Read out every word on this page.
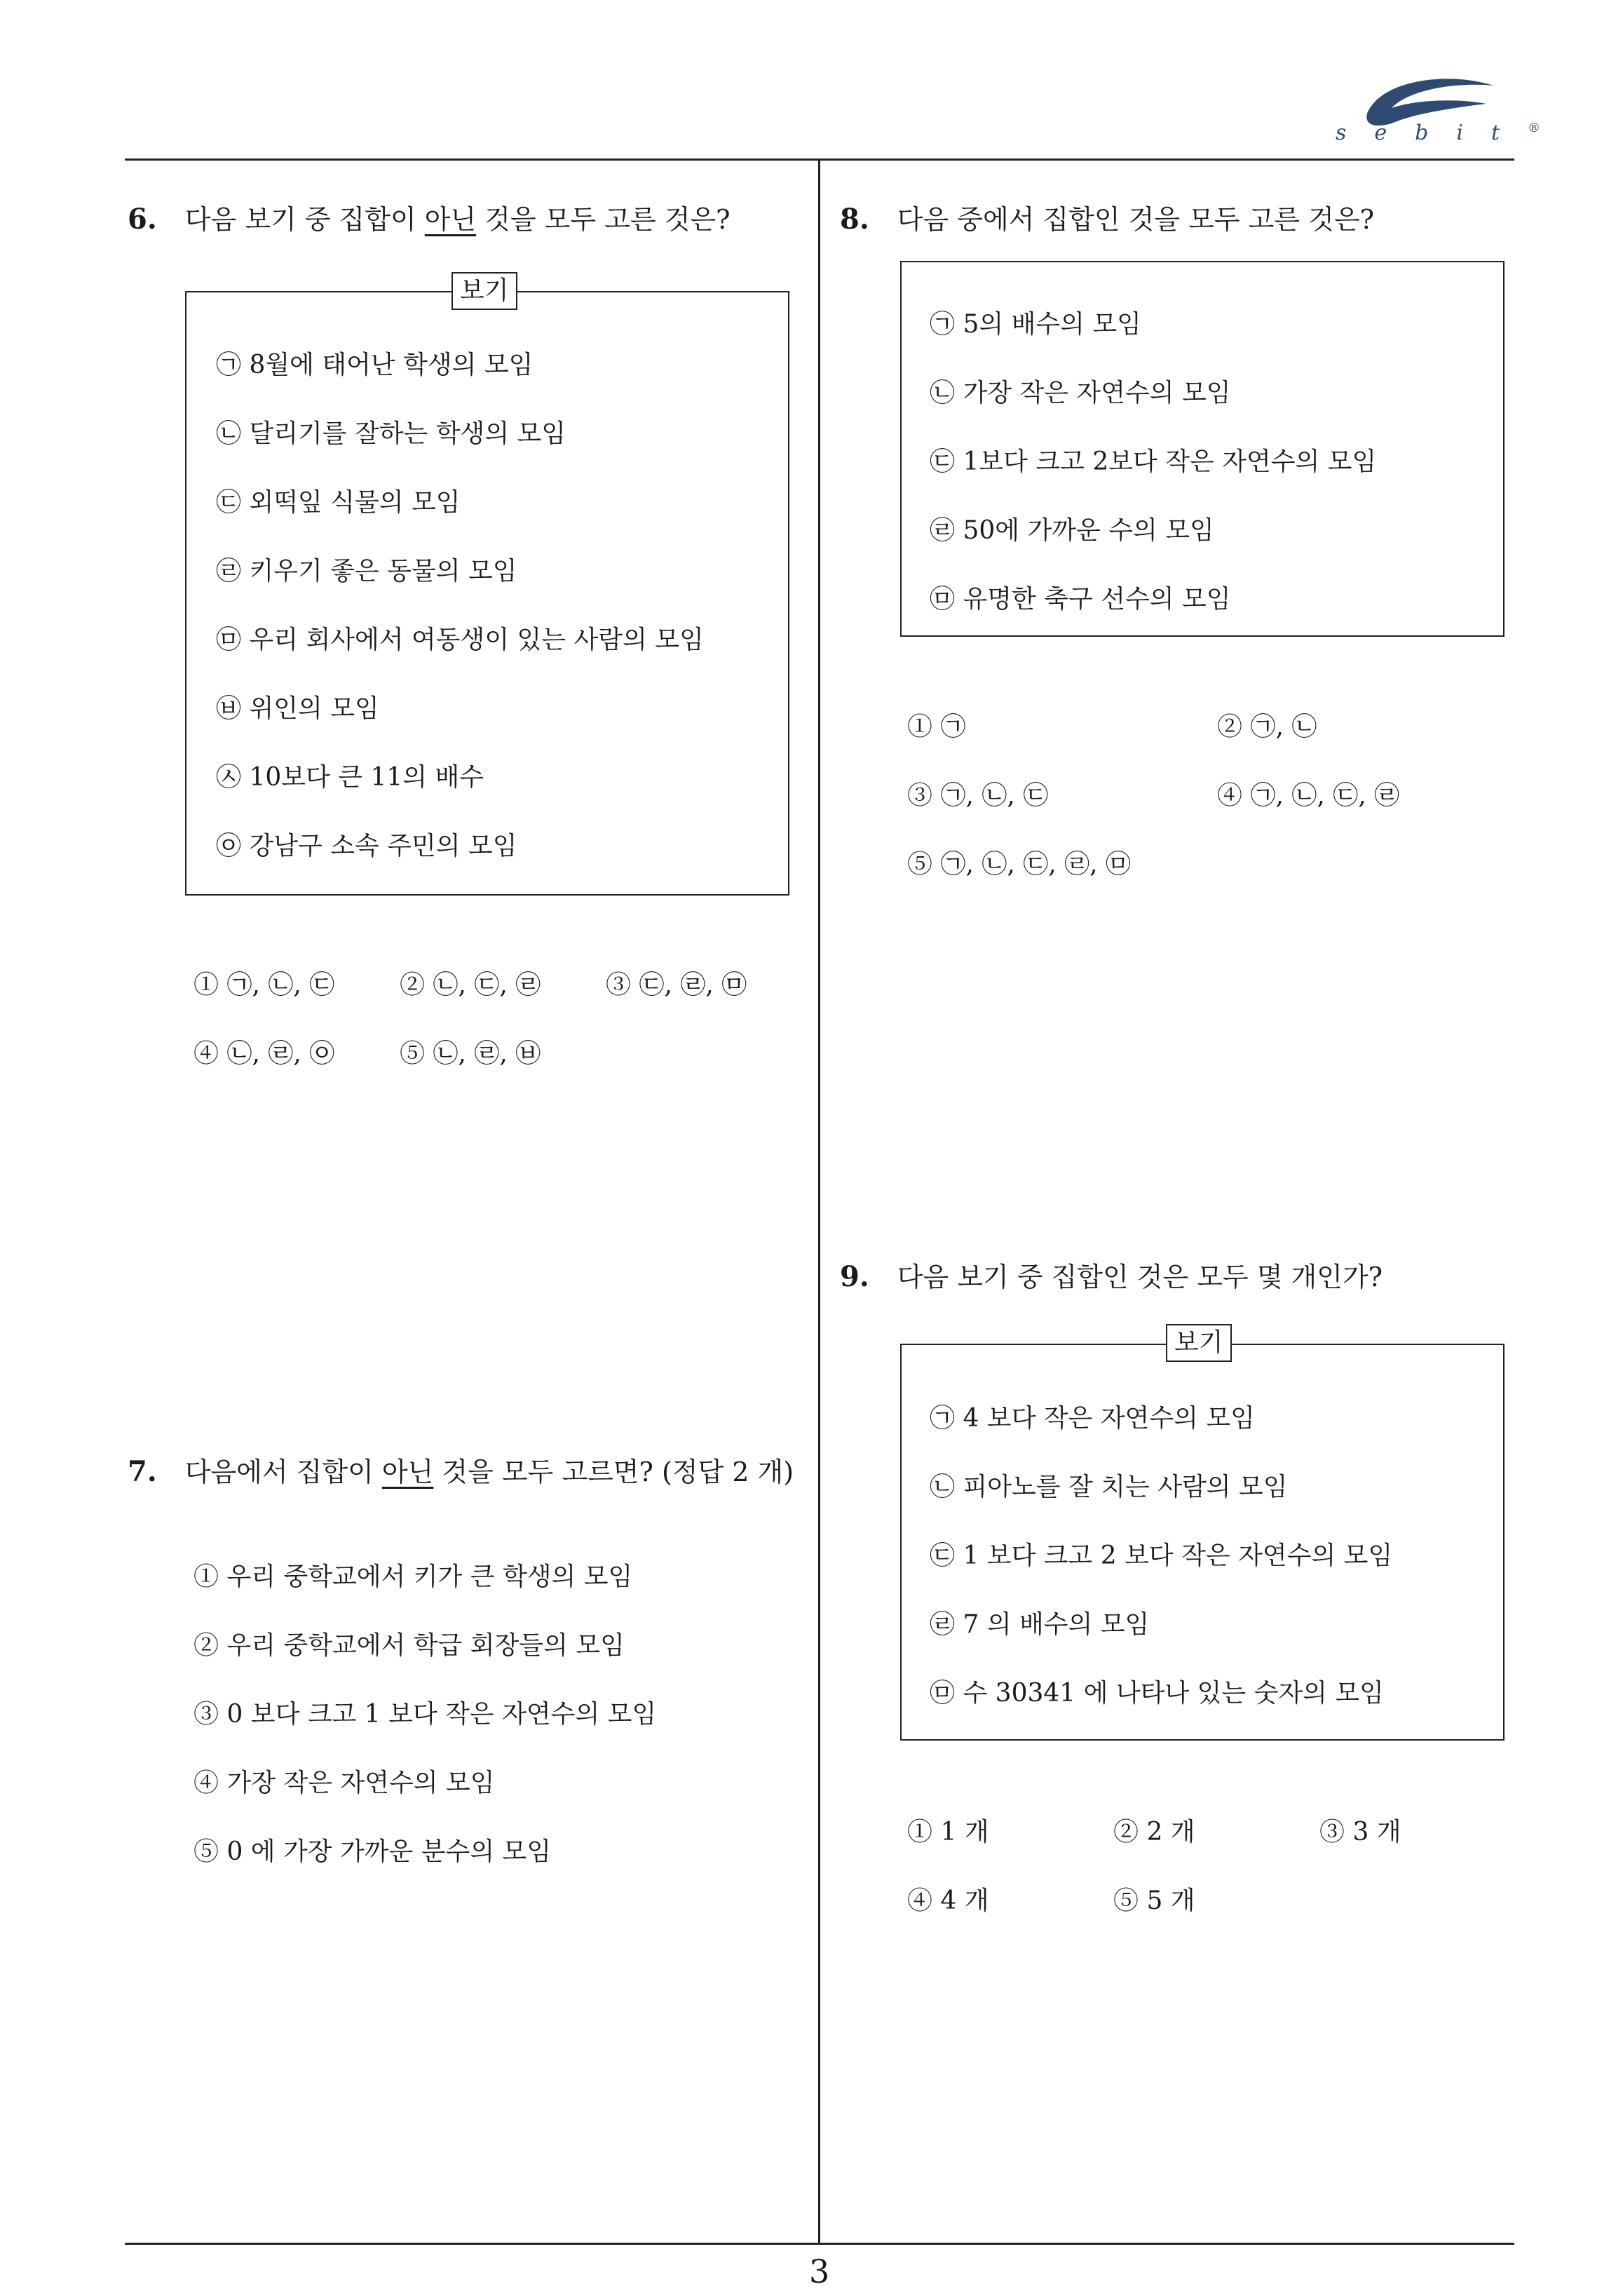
sebit®
6. 다음 보기 중 집합이 아닌 것을 모두 고른 것은?
보기
㉠ 8월에 태어난 학생의 모임
㉡ 달리기를 잘하는 학생의 모임
㉢ 외떡잎 식물의 모임
㉣ 키우기 좋은 동물의 모임
㉤ 우리 회사에서 여동생이 있는 사람의 모임
㉥ 위인의 모임
㉦ 10보다 큰 11의 배수
㉧ 강남구 소속 주민의 모임
① ㉠, ㉡, ㉢	② ㉡, ㉢, ㉣	③ ㉢, ㉣, ㉤
④ ㉡, ㉣, ㉧	⑤ ㉡, ㉣, ㉥
7. 다음에서 집합이 아닌 것을 모두 고르면? (정답 2 개)
① 우리 중학교에서 키가 큰 학생의 모임
② 우리 중학교에서 학급 회장들의 모임
③ 0 보다 크고 1 보다 작은 자연수의 모임
④ 가장 작은 자연수의 모임
⑤ 0 에 가장 가까운 분수의 모임
8. 다음 중에서 집합인 것을 모두 고른 것은?
㉠ 5의 배수의 모임
㉡ 가장 작은 자연수의 모임
㉢ 1보다 크고 2보다 작은 자연수의 모임
㉣ 50에 가까운 수의 모임
㉤ 유명한 축구 선수의 모임
① ㉠	② ㉠, ㉡
③ ㉠, ㉡, ㉢	④ ㉠, ㉡, ㉢, ㉣
⑤ ㉠, ㉡, ㉢, ㉣, ㉤
9. 다음 보기 중 집합인 것은 모두 몇 개인가?
보기
㉠ 4 보다 작은 자연수의 모임
㉡ 피아노를 잘 치는 사람의 모임
㉢ 1 보다 크고 2 보다 작은 자연수의 모임
㉣ 7 의 배수의 모임
㉤ 수 30341 에 나타나 있는 숫자의 모임
① 1 개	② 2 개	③ 3 개
④ 4 개	⑤ 5 개
3
